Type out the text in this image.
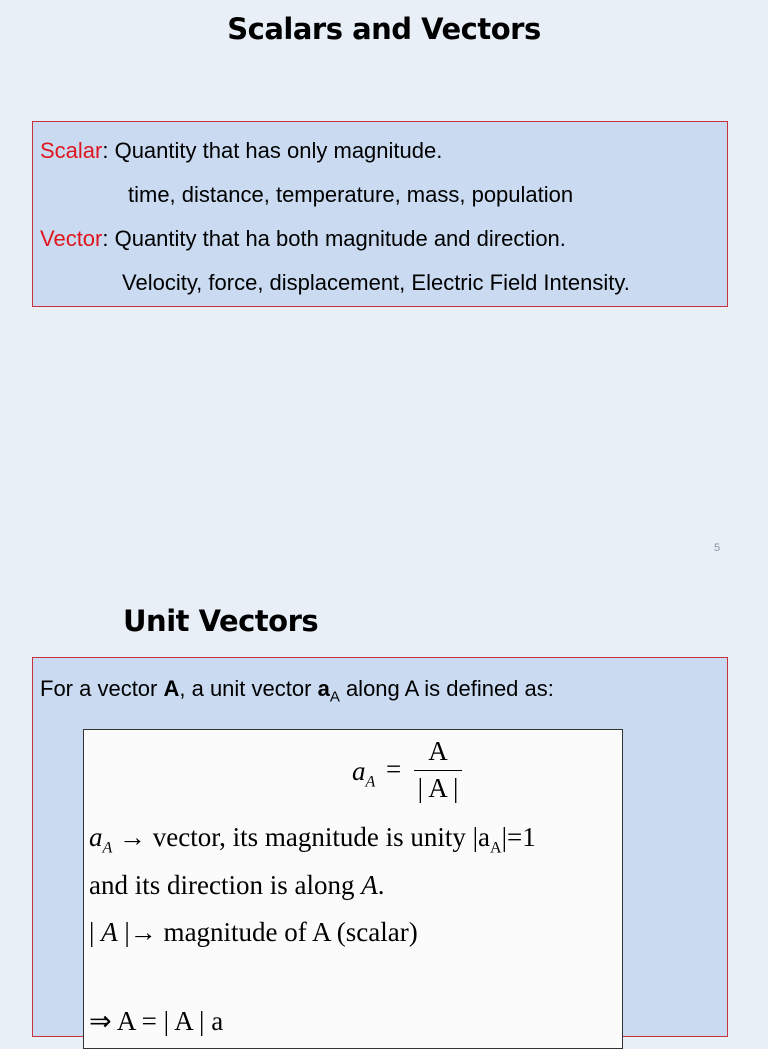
Scalars and Vectors
Scalar: Quantity that has only magnitude.
time, distance, temperature, mass, population
Vector: Quantity that ha both magnitude and direction.
Velocity, force, displacement, Electric Field Intensity.
5
Unit Vectors
For a vector A, a unit vector $a_A$ along A is defined as:
$a_A = \frac{A}{| A |}$
$a_A$ → vector, its magnitude is unity $|a_A|=1$
and its direction is along A.
| A |→ magnitude of A (scalar)
⇒ A = | A | a
